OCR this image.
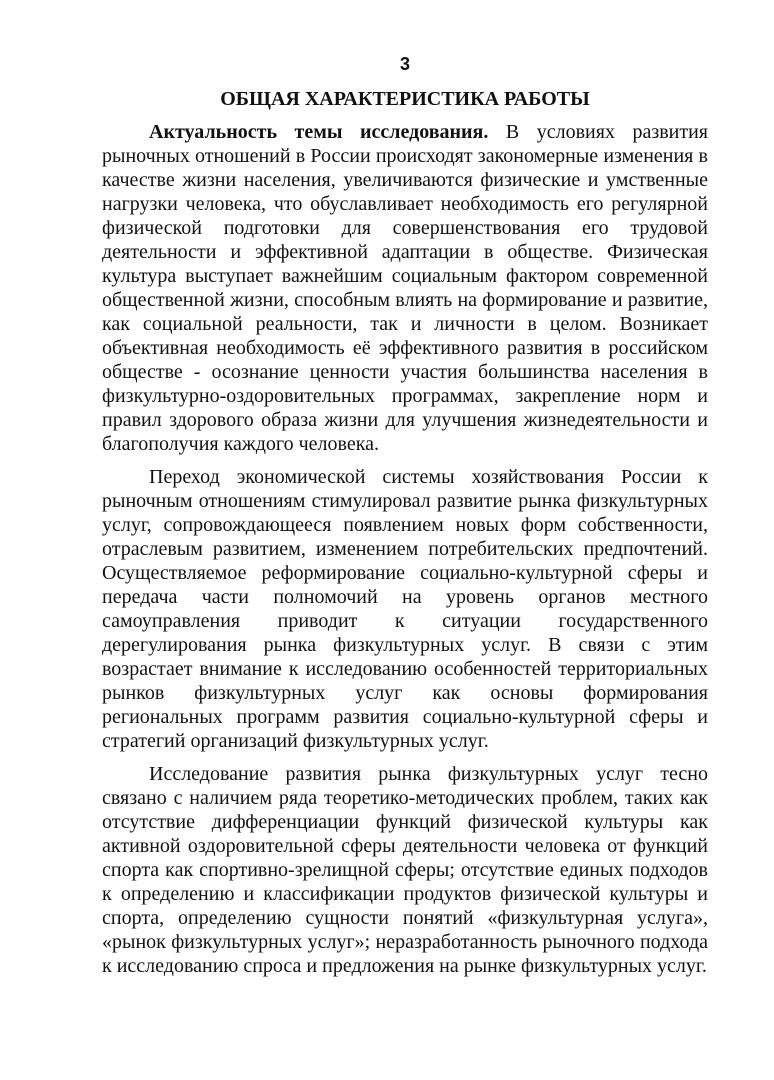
3
ОБЩАЯ ХАРАКТЕРИСТИКА РАБОТЫ

Актуальность темы исследования. В условиях развития рыночных отношений в России происходят закономерные изменения в качестве жизни населения, увеличиваются физические и умственные нагрузки человека, что обуславливает необходимость его регулярной физической подготовки для совершенствования его трудовой деятельности и эффективной адаптации в обществе. Физическая культура выступает важнейшим социальным фактором современной общественной жизни, способным влиять на формирование и развитие, как социальной реальности, так и личности в целом. Возникает объективная необходимость её эффективного развития в российском обществе - осознание ценности участия большинства населения в физкультурно-оздоровительных программах, закрепление норм и правил здорового образа жизни для улучшения жизнедеятельности и благополучия каждого человека.

Переход экономической системы хозяйствования России к рыночным отношениям стимулировал развитие рынка физкультурных услуг, сопровождающееся появлением новых форм собственности, отраслевым развитием, изменением потребительских предпочтений. Осуществляемое реформирование социально-культурной сферы и передача части полномочий на уровень органов местного самоуправления приводит к ситуации государственного дерегулирования рынка физкультурных услуг. В связи с этим возрастает внимание к исследованию особенностей территориальных рынков физкультурных услуг как основы формирования региональных программ развития социально-культурной сферы и стратегий организаций физкультурных услуг.

Исследование развития рынка физкультурных услуг тесно связано с наличием ряда теоретико-методических проблем, таких как отсутствие дифференциации функций физической культуры как активной оздоровительной сферы деятельности человека от функций спорта как спортивно-зрелищной сферы; отсутствие единых подходов к определению и классификации продуктов физической культуры и спорта, определению сущности понятий «физкультурная услуга», «рынок физкультурных услуг»; неразработанность рыночного подхода к исследованию спроса и предложения на рынке физкультурных услуг.
